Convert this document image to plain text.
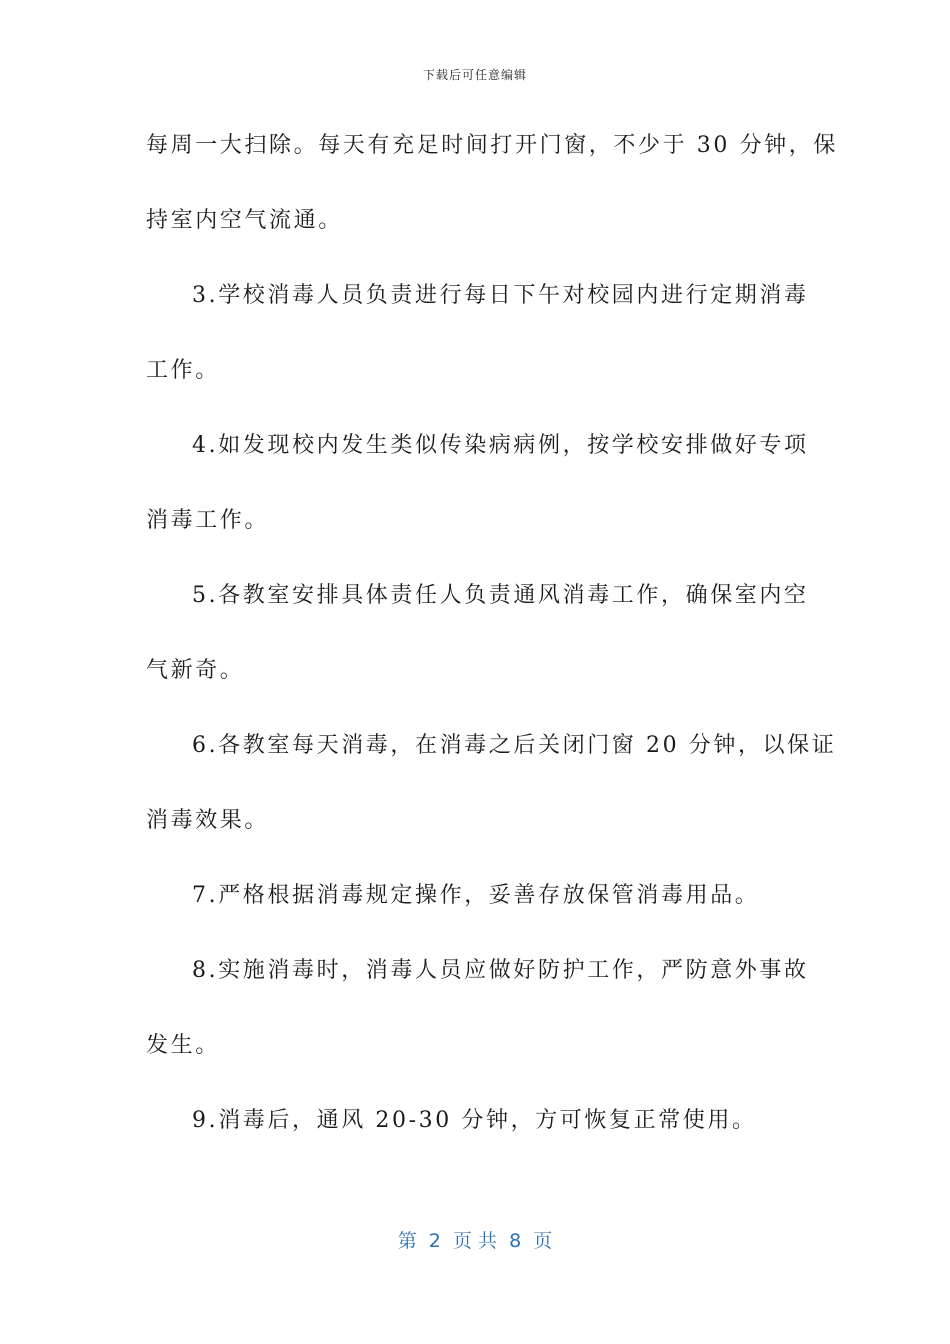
下载后可任意编辑
每周一大扫除。每天有充足时间打开门窗，不少于 30 分钟，保
持室内空气流通。
3.学校消毒人员负责进行每日下午对校园内进行定期消毒
工作。
4.如发现校内发生类似传染病病例，按学校安排做好专项
消毒工作。
5.各教室安排具体责任人负责通风消毒工作，确保室内空
气新奇。
6.各教室每天消毒，在消毒之后关闭门窗 20 分钟，以保证
消毒效果。
7.严格根据消毒规定操作，妥善存放保管消毒用品。
8.实施消毒时，消毒人员应做好防护工作，严防意外事故
发生。
9.消毒后，通风 20-30 分钟，方可恢复正常使用。
第  2  页 共  8  页
